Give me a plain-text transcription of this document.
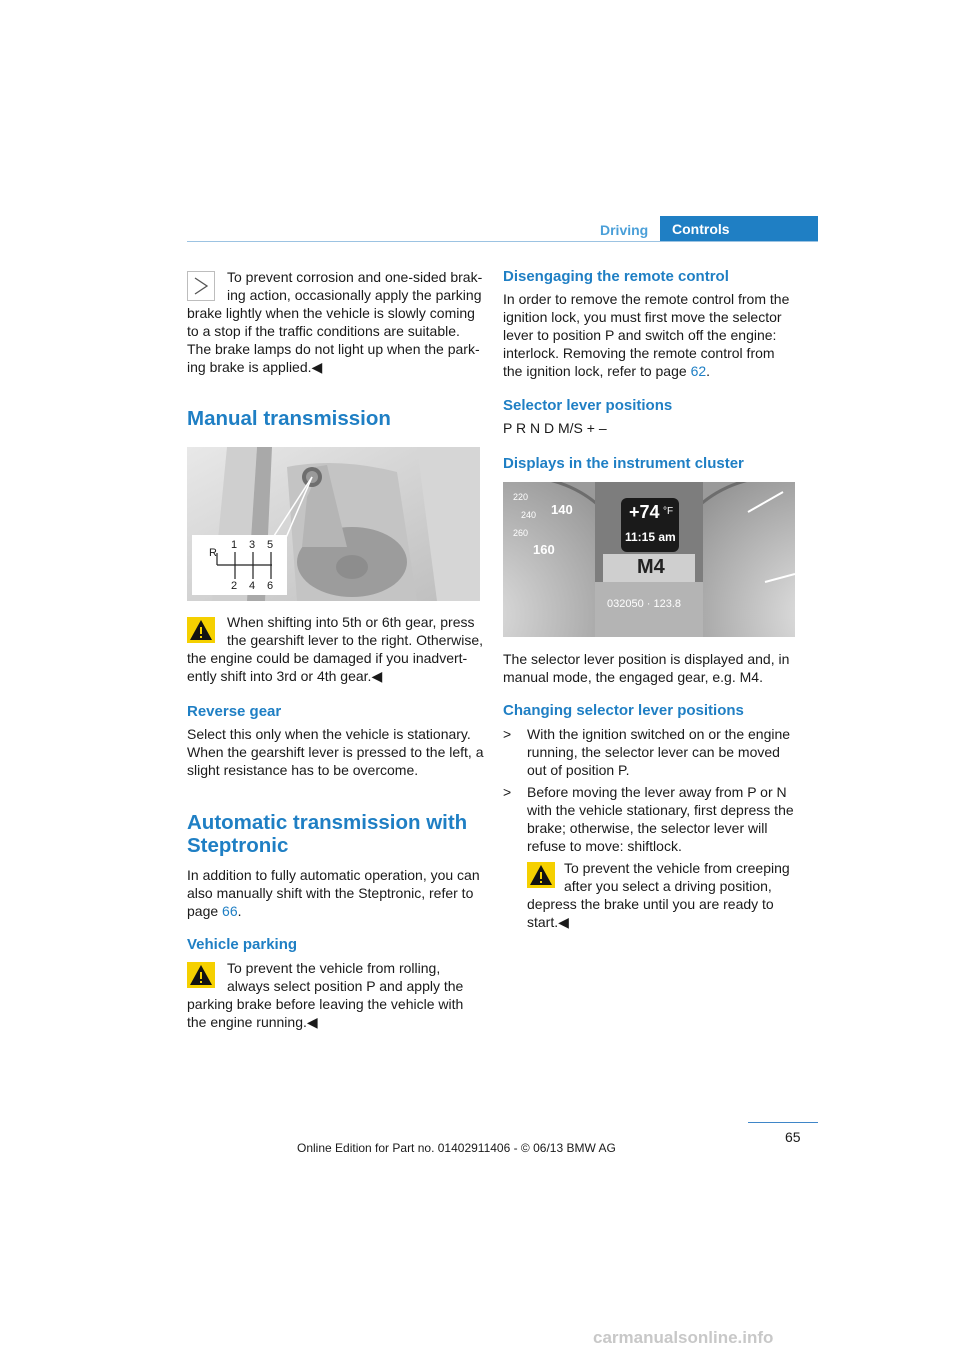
Driving Controls

To prevent corrosion and one-sided brak-

ing action, occasionally apply the parking

brake lightly when the vehicle is slowly coming

to a stop if the traffic conditions are suitable.

The brake lamps do not light up when the park-

ing brake is applied.◀

Manual transmission
R
1 3 5
2 4 6

When shifting into 5th or 6th gear, press

the gearshift lever to the right. Otherwise,

the engine could be damaged if you inadvert-

ently shift into 3rd or 4th gear.◀

Reverse gear

Select this only when the vehicle is stationary.

When the gearshift lever is pressed to the left, a

slight resistance has to be overcome.

Automatic transmission with
Steptronic

In addition to fully automatic operation, you can

also manually shift with the Steptronic, refer to

page 66.

Vehicle parking

To prevent the vehicle from rolling,

always select position P and apply the

parking brake before leaving the vehicle with

the engine running.◀

Disengaging the remote control

In order to remove the remote control from the

ignition lock, you must first move the selector

lever to position P and switch off the engine:

interlock. Removing the remote control from

the ignition lock, refer to page 62.

Selector lever positions

P R N D M/S + –

Displays in the instrument cluster
220
240
260
140
160
+74 °F
11:15 am
M4
032050 · 123.8

The selector lever position is displayed and, in

manual mode, the engaged gear, e.g. M4.

Changing selector lever positions
> With the ignition switched on or the engine

running, the selector lever can be moved

out of position P.

> Before moving the lever away from P or N

with the vehicle stationary, first depress the

brake; otherwise, the selector lever will

refuse to move: shiftlock.

To prevent the vehicle from creeping

after you select a driving position,

depress the brake until you are ready to

start.◀

65
Online Edition for Part no. 01402911406 - © 06/13 BMW AG
carmanualsonline.info
